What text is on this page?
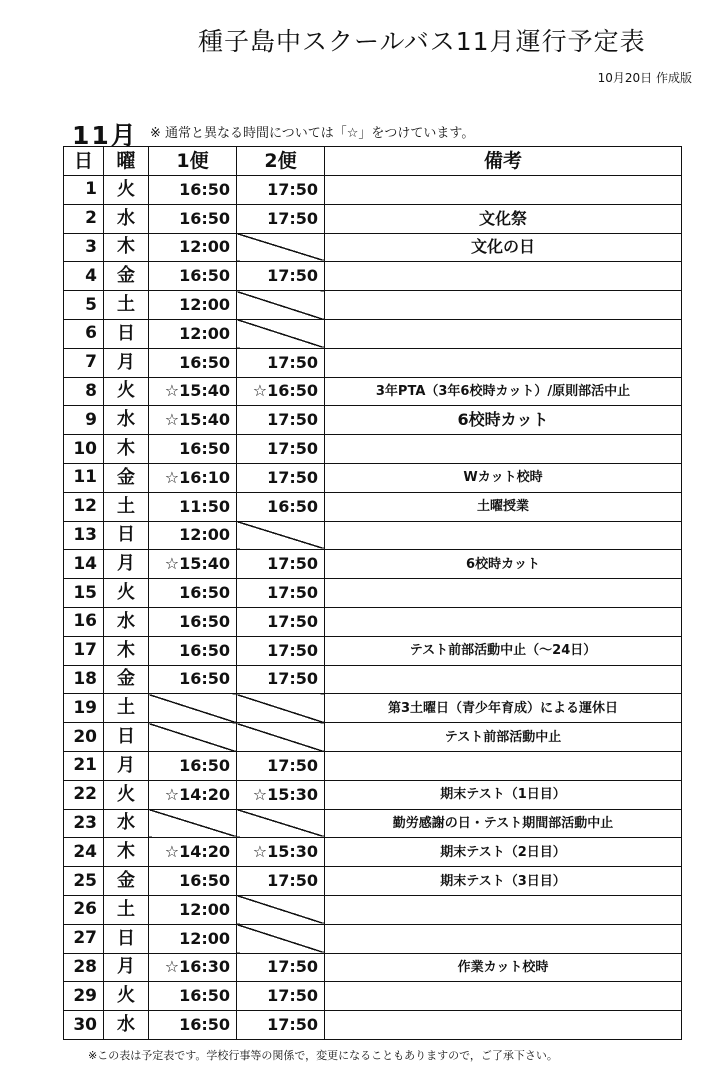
種子島中スクールバス11月運行予定表
10月20日 作成版
11月 ※ 通常と異なる時間については「☆」をつけています。
日	曜	1便	2便	備考
1	火	16:50	17:50	
2	水	16:50	17:50	文化祭
3	木	12:00		文化の日
4	金	16:50	17:50	
5	土	12:00		
6	日	12:00		
7	月	16:50	17:50	
8	火	☆15:40	☆16:50	3年PTA（3年6校時カット）/原則部活中止
9	水	☆15:40	17:50	6校時カット
10	木	16:50	17:50	
11	金	☆16:10	17:50	Wカット校時
12	土	11:50	16:50	土曜授業
13	日	12:00		
14	月	☆15:40	17:50	6校時カット
15	火	16:50	17:50	
16	水	16:50	17:50	
17	木	16:50	17:50	テスト前部活動中止（～24日）
18	金	16:50	17:50	
19	土			第3土曜日（青少年育成）による運休日
20	日			テスト前部活動中止
21	月	16:50	17:50	
22	火	☆14:20	☆15:30	期末テスト（1日目）
23	水			勤労感謝の日・テスト期間部活動中止
24	木	☆14:20	☆15:30	期末テスト（2日目）
25	金	16:50	17:50	期末テスト（3日目）
26	土	12:00		
27	日	12:00		
28	月	☆16:30	17:50	作業カット校時
29	火	16:50	17:50	
30	水	16:50	17:50	
※この表は予定表です。学校行事等の関係で，変更になることもありますので，ご了承下さい。
